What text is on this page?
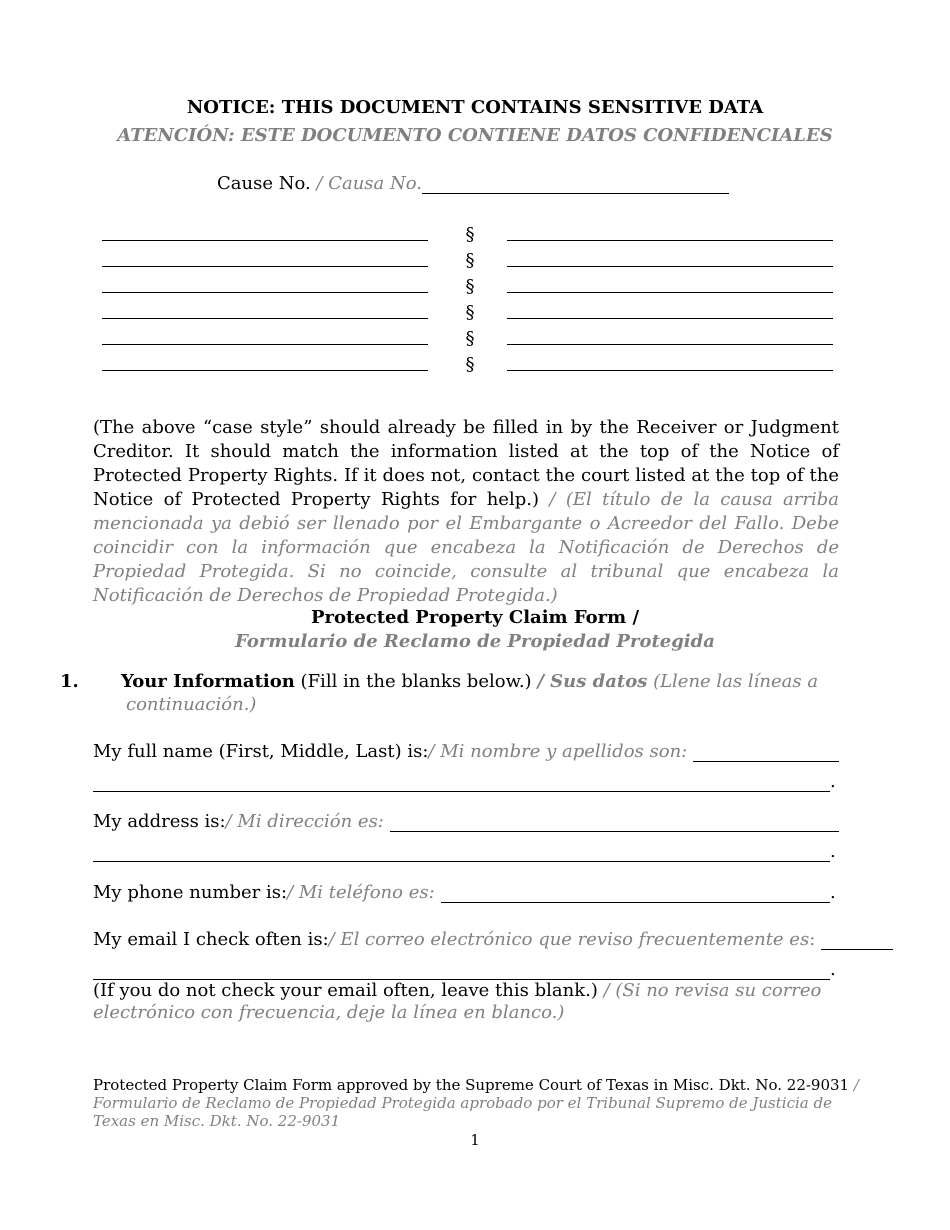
NOTICE: THIS DOCUMENT CONTAINS SENSITIVE DATA
ATENCIÓN: ESTE DOCUMENTO CONTIENE DATOS CONFIDENCIALES
Cause No. / Causa No.
§
§
§
§
§
§
(The above “case style” should already be filled in by the Receiver or Judgment Creditor. It should match the information listed at the top of the Notice of Protected Property Rights. If it does not, contact the court listed at the top of the Notice of Protected Property Rights for help.) / (El título de la causa arriba mencionada ya debió ser llenado por el Embargante o Acreedor del Fallo. Debe coincidir con la información que encabeza la Notificación de Derechos de Propiedad Protegida. Si no coincide, consulte al tribunal que encabeza la Notificación de Derechos de Propiedad Protegida.)
Protected Property Claim Form /
Formulario de Reclamo de Propiedad Protegida
1. Your Information (Fill in the blanks below.) / Sus datos (Llene las líneas a continuación.)
My full name (First, Middle, Last) is: / Mi nombre y apellidos son:
.
My address is: / Mi dirección es:
.
My phone number is: / Mi teléfono es:	.
My email I check often is: / El correo electrónico que reviso frecuentemente es :
.
(If you do not check your email often, leave this blank.) / (Si no revisa su correo electrónico con frecuencia, deje la línea en blanco.)
Protected Property Claim Form approved by the Supreme Court of Texas in Misc. Dkt. No. 22-9031 / Formulario de Reclamo de Propiedad Protegida aprobado por el Tribunal Supremo de Justicia de Texas en Misc. Dkt. No. 22-9031
1
